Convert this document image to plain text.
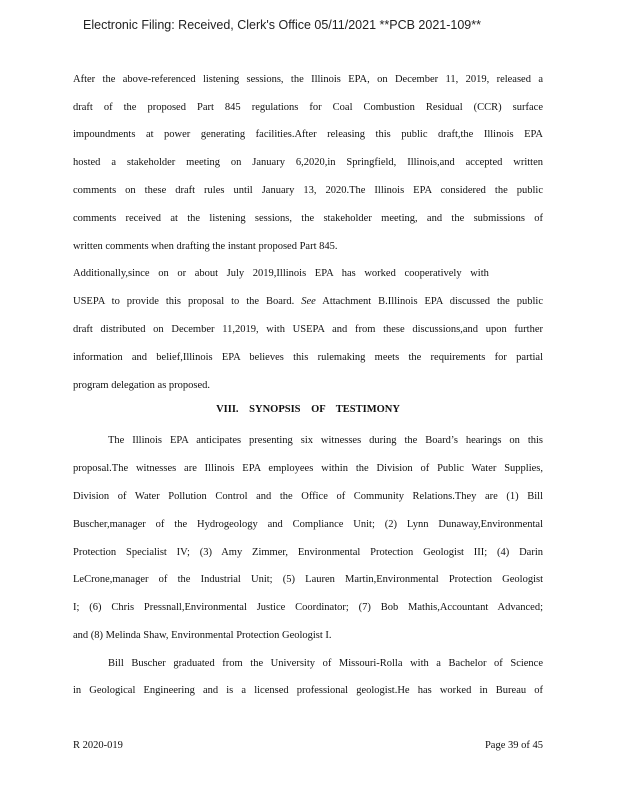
Electronic Filing: Received, Clerk's Office 05/11/2021 **PCB 2021-109**
After the above-referenced listening sessions, the Illinois EPA, on December 11, 2019, released a
draft of the proposed Part 845 regulations for Coal Combustion Residual (CCR) surface
impoundments at power generating facilities.After releasing this public draft,the Illinois EPA
hosted a stakeholder meeting on January 6,2020,in Springfield, Illinois,and accepted written
comments on these draft rules until January 13, 2020.The Illinois EPA considered the public
comments received at the listening sessions, the stakeholder meeting, and the submissions of
written comments when drafting the instant proposed Part 845.
Additionally,since on or about July 2019,Illinois EPA has worked cooperatively with
USEPA to provide this proposal to the Board. See Attachment B.Illinois EPA discussed the public
draft distributed on December 11,2019, with USEPA and from these discussions,and upon further
information and belief,Illinois EPA believes this rulemaking meets the requirements for partial
program delegation as proposed.
VIII. SYNOPSIS OF TESTIMONY
The Illinois EPA anticipates presenting six witnesses during the Board’s hearings on this
proposal.The witnesses are Illinois EPA employees within the Division of Public Water Supplies,
Division of Water Pollution Control and the Office of Community Relations.They are (1) Bill
Buscher,manager of the Hydrogeology and Compliance Unit; (2) Lynn Dunaway,Environmental
Protection Specialist IV; (3) Amy Zimmer, Environmental Protection Geologist III; (4) Darin
LeCrone,manager of the Industrial Unit; (5) Lauren Martin,Environmental Protection Geologist
I; (6) Chris Pressnall,Environmental Justice Coordinator; (7) Bob Mathis,Accountant Advanced;
and (8) Melinda Shaw, Environmental Protection Geologist I.
Bill Buscher graduated from the University of Missouri-Rolla with a Bachelor of Science
in Geological Engineering and is a licensed professional geologist.He has worked in Bureau of
R 2020-019	Page 39 of 45
